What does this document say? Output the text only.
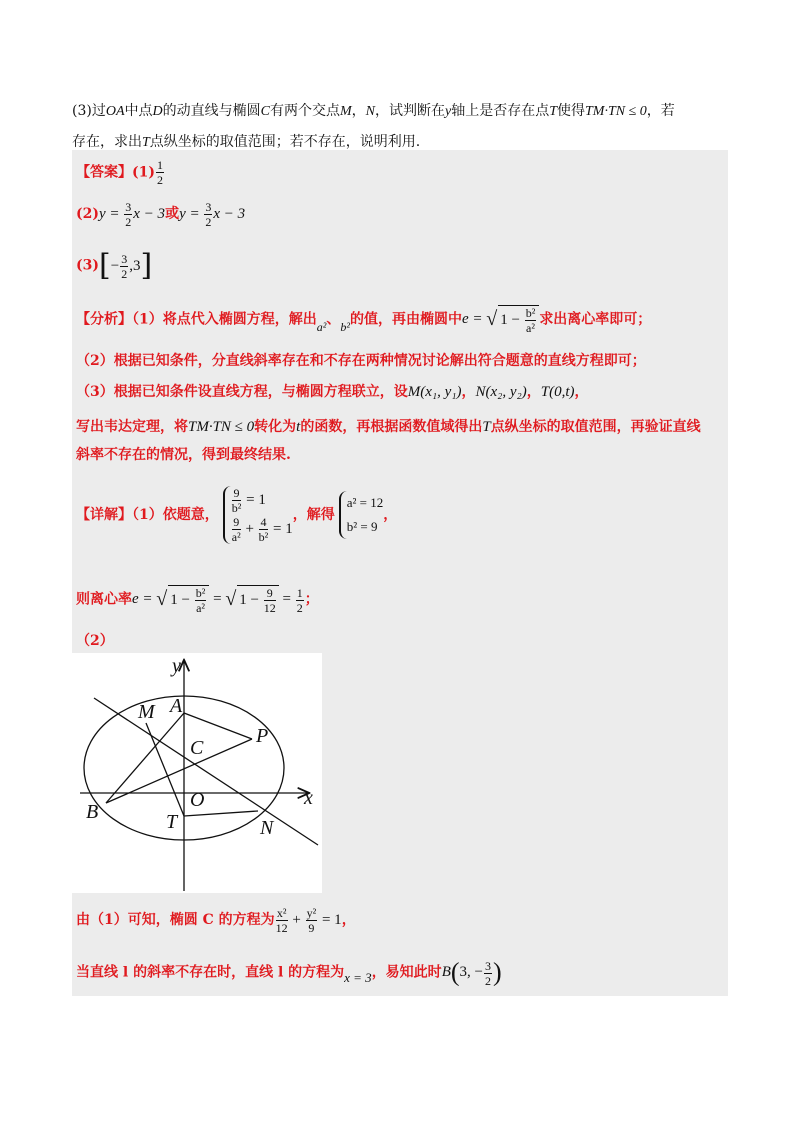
(3)过OA中点D的动直线与椭圆C有两个交点M，N，试判断在y轴上是否存在点T使得TM·TN ≤ 0，若
存在，求出T点纵坐标的取值范围；若不存在，说明利用.
【答案】$(1) \frac{1}{2}$
$(2)y = \frac{3}{2}$ x − 3或$y = \frac{3}{2}$ x − 3
$(3)[- \frac{3}{2} ,3]$
【分析】（1）将点代入椭圆方程，解出a²、b²的值，再由椭圆中e = √ $1 - \frac{\text{b²}}{\text{a²}}$ 求出离心率即可；
（2）根据已知条件，分直线斜率存在和不存在两种情况讨论解出符合题意的直线方程即可；
（3）根据已知条件设直线方程，与椭圆方程联立，设M(x₁, y₁)，N(x₂, y₂)，T(0,t)，
写出韦达定理，将TM·TN ≤ 0转化为t的函数，再根据函数值域得出T点纵坐标的取值范围，再验证直线
斜率不存在的情况，得到最终结果.
【详解】（1）依题意， $\frac{9}{\text{b²}} = 1$
$\frac{9}{\text{a²}} + \frac{4}{\text{b²}} = 1$
，解得
a² = 12
b² = 9
，
则离心率e = √ $1 - \frac{\text{b²}}{\text{a²}}$ = √ $1 - \frac{9}{12} = \frac{1}{2}$ ；
（2）
y
x
M A
P
C
B
O
T	N
由（1）可知，椭圆 C 的方程为 $\frac{\text{x²}}{12} + \frac{\text{y²}}{9} = 1$，
当直线 l 的斜率不存在时，直线 l 的方程为x = 3，易知此时B(3, − $\frac{3}{2}$ )
